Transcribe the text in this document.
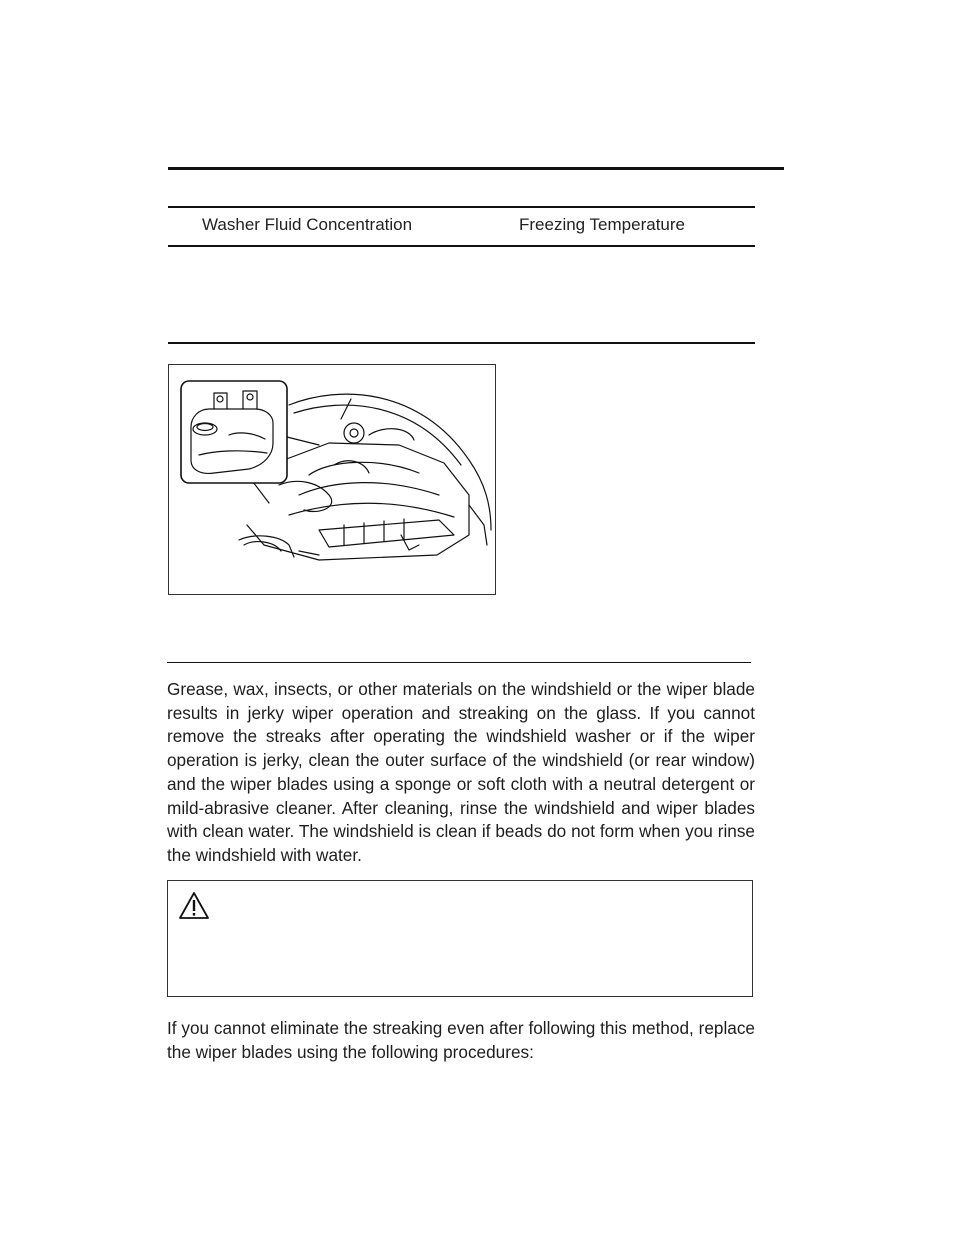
Washer Fluid Concentration	Freezing Temperature
Grease, wax, insects, or other materials on the windshield or the wiper blade results in jerky wiper operation and streaking on the glass. If you cannot remove the streaks after operating the windshield washer or if the wiper operation is jerky, clean the outer surface of the windshield (or rear window) and the wiper blades using a sponge or soft cloth with a neutral detergent or mild-abrasive cleaner. After cleaning, rinse the windshield and wiper blades with clean water. The windshield is clean if beads do not form when you rinse the windshield with water.
If you cannot eliminate the streaking even after following this method, replace the wiper blades using the following procedures:
